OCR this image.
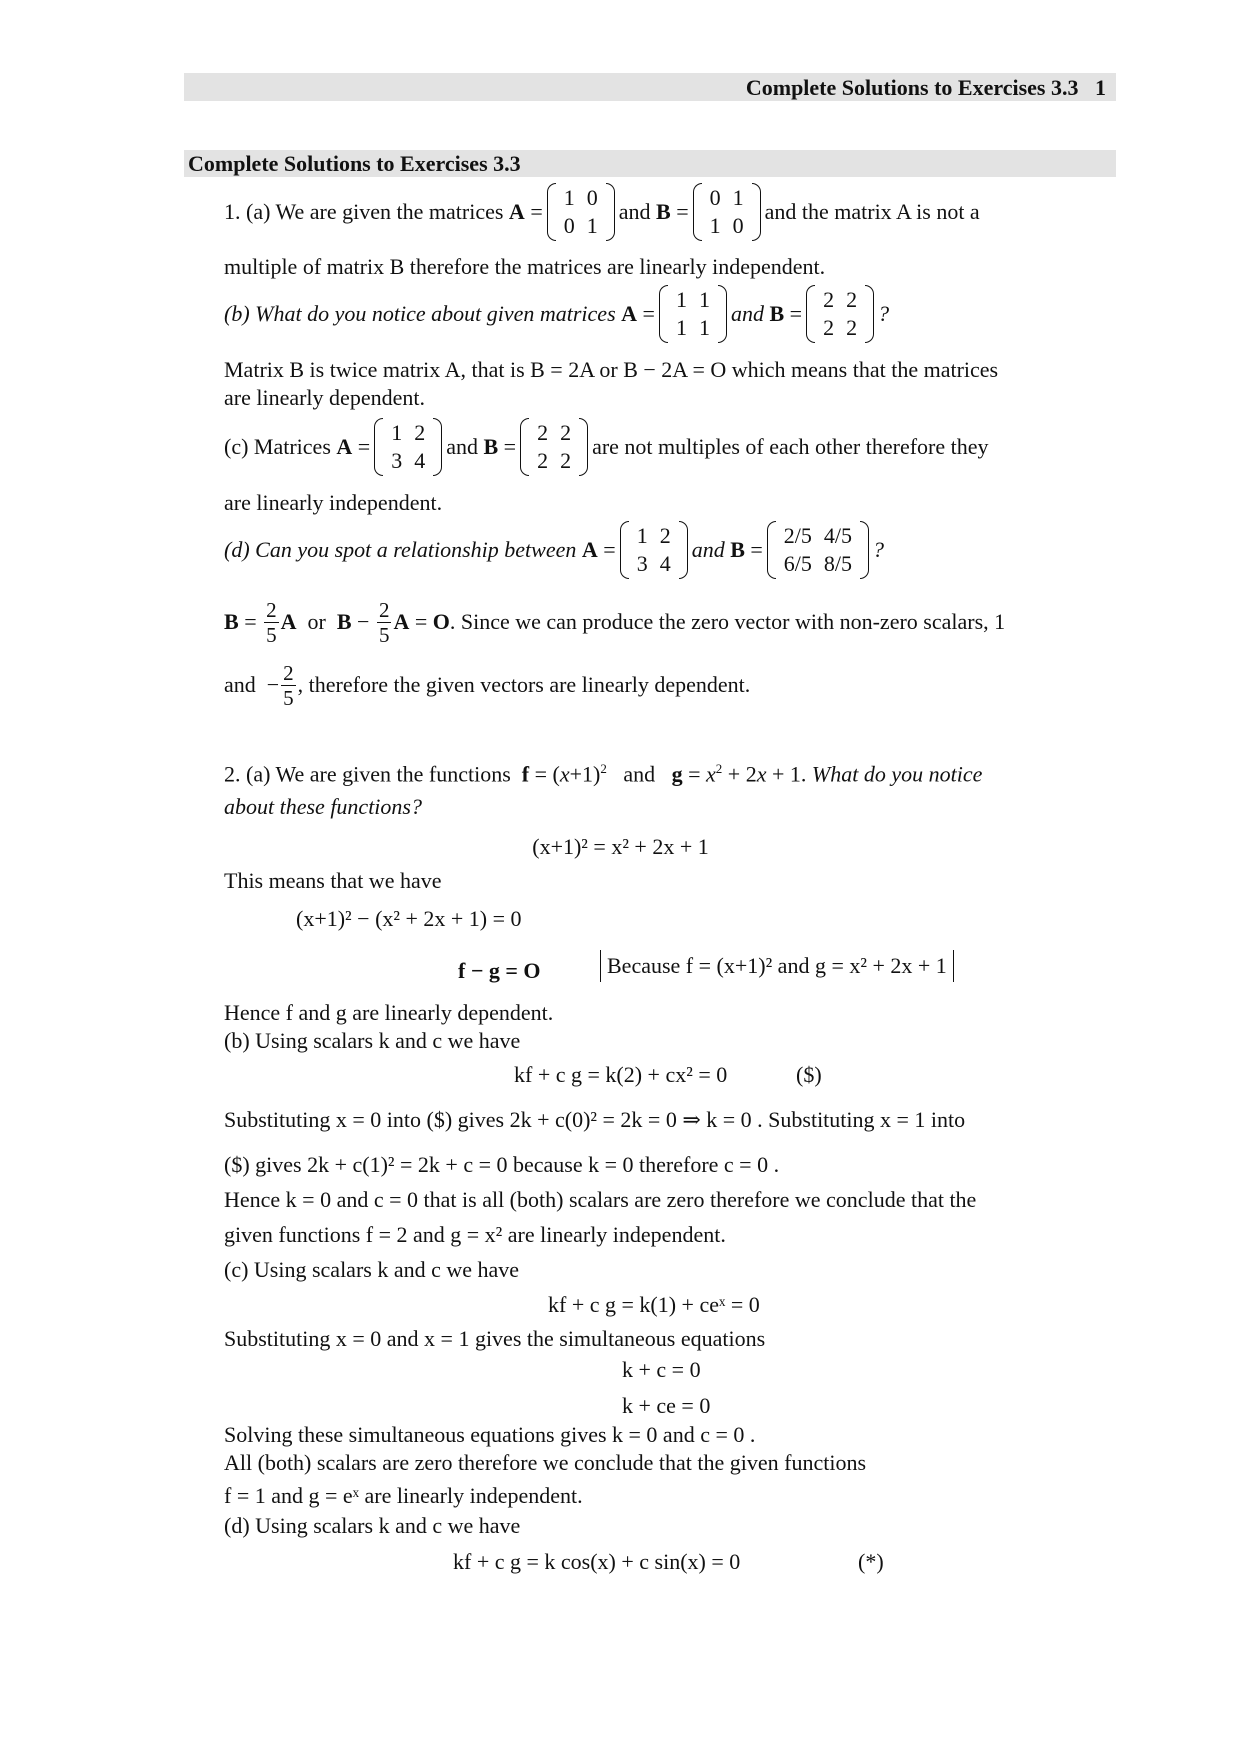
Complete Solutions to Exercises 3.3 1
Complete Solutions to Exercises 3.3
1. (a) We are given the matrices
A =
1	0
0	1
and
B =
0	1
1	0
and the matrix A is not a
multiple of matrix B therefore the matrices are linearly independent.
(b) What do you notice about given matrices
A =
1	1
1	1
and
B =
2	2
2	2
?
Matrix B is twice matrix A, that is B = 2A or B − 2A = O which means that the matrices
are linearly dependent.
(c) Matrices
A =
1	2
3	4
and
B =
2	2
2	2
are not multiples of each other therefore they
are linearly independent.
(d) Can you spot a relationship between
A =
1	2
3	4
and
B =
2/5	4/5
6/5	8/5
?
B = 2
5
A or B − 2
5
A = O . Since we can produce the zero vector with non-zero scalars, 1
and  − 2
5
, therefore the given vectors are linearly dependent.
2. (a) We are given the functions $f = (x+1)^2$   and   $g = x^2 + 2x + 1$. What do you notice
about these functions?
(x+1)² = x² + 2x + 1
This means that we have
(x+1)² − (x² + 2x + 1) = 0
f − g = O	Because f = (x+1)² and g = x² + 2x + 1
Hence f and g are linearly dependent.
(b) Using scalars k and c we have
kf + c g = k(2) + cx² = 0	($)
Substituting x = 0 into ($) gives 2k + c(0)² = 2k = 0 ⇒ k = 0 . Substituting x = 1 into
($) gives 2k + c(1)² = 2k + c = 0 because k = 0 therefore c = 0 .
Hence k = 0 and c = 0 that is all (both) scalars are zero therefore we conclude that the
given functions f = 2 and g = x² are linearly independent.
(c) Using scalars k and c we have
kf + c g = k(1) + ceˣ = 0
Substituting x = 0 and x = 1 gives the simultaneous equations
k + c = 0
k + ce = 0
Solving these simultaneous equations gives k = 0 and c = 0 .
All (both) scalars are zero therefore we conclude that the given functions
f = 1 and g = eˣ are linearly independent.
(d) Using scalars k and c we have
kf + c g = k cos(x) + c sin(x) = 0	(*)
